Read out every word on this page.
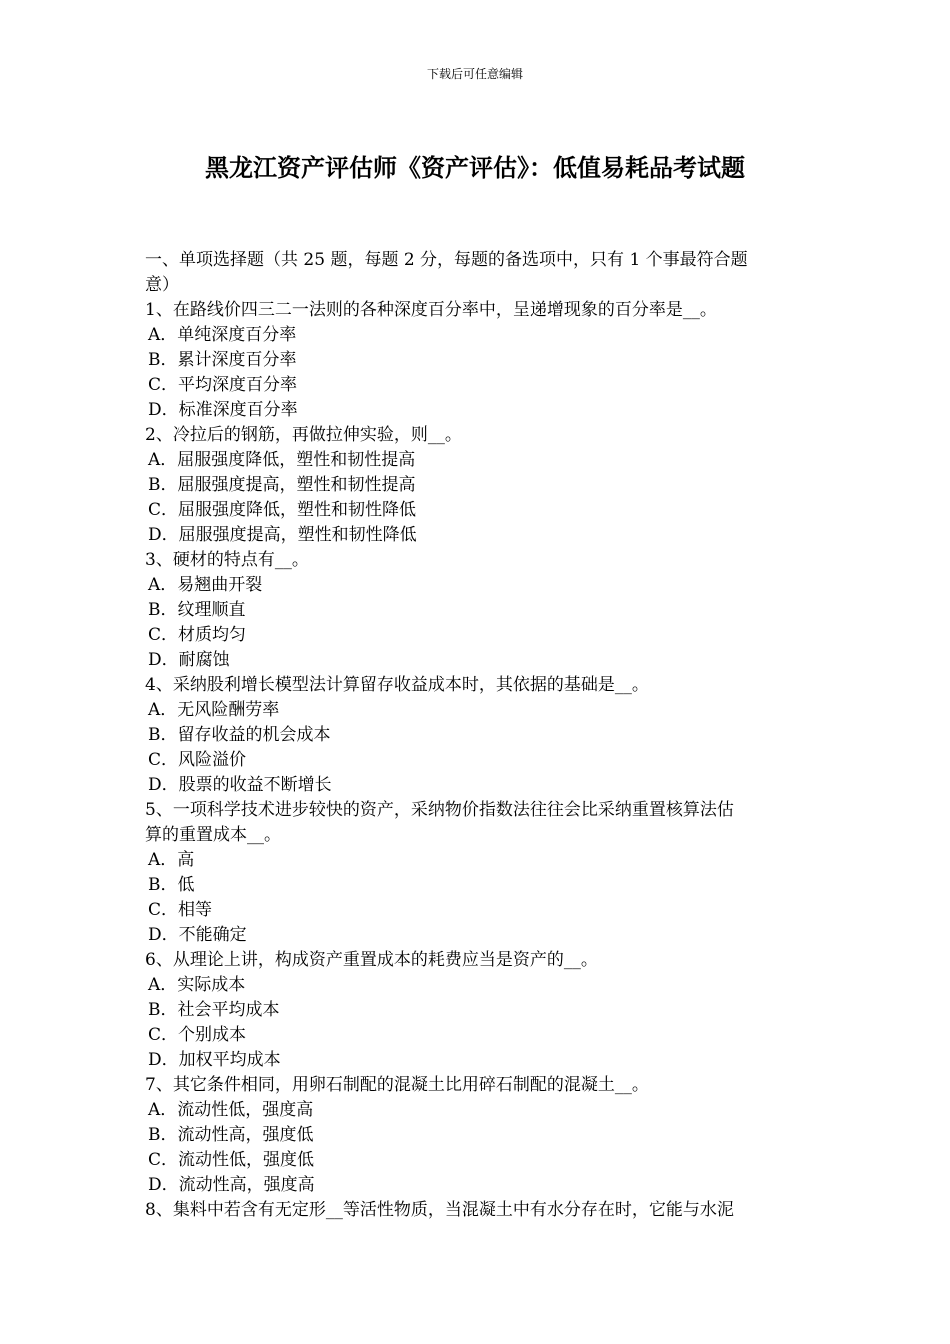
下载后可任意编辑
黑龙江资产评估师《资产评估》：低值易耗品考试题
一、单项选择题（共 25 题，每题 2 分，每题的备选项中，只有 1 个事最符合题
意）
1、在路线价四三二一法则的各种深度百分率中，呈递增现象的百分率是__。
A．单纯深度百分率
B．累计深度百分率
C．平均深度百分率
D．标准深度百分率
2、冷拉后的钢筋，再做拉伸实验，则__。
A．屈服强度降低，塑性和韧性提高
B．屈服强度提高，塑性和韧性提高
C．屈服强度降低，塑性和韧性降低
D．屈服强度提高，塑性和韧性降低
3、硬材的特点有__。
A．易翘曲开裂
B．纹理顺直
C．材质均匀
D．耐腐蚀
4、采纳股利增长模型法计算留存收益成本时，其依据的基础是__。
A．无风险酬劳率
B．留存收益的机会成本
C．风险溢价
D．股票的收益不断增长
5、一项科学技术进步较快的资产，采纳物价指数法往往会比采纳重置核算法估
算的重置成本__。
A．高
B．低
C．相等
D．不能确定
6、从理论上讲，构成资产重置成本的耗费应当是资产的__。
A．实际成本
B．社会平均成本
C．个别成本
D．加权平均成本
7、其它条件相同，用卵石制配的混凝土比用碎石制配的混凝土__。
A．流动性低，强度高
B．流动性高，强度低
C．流动性低，强度低
D．流动性高，强度高
8、集料中若含有无定形__等活性物质，当混凝土中有水分存在时，它能与水泥
